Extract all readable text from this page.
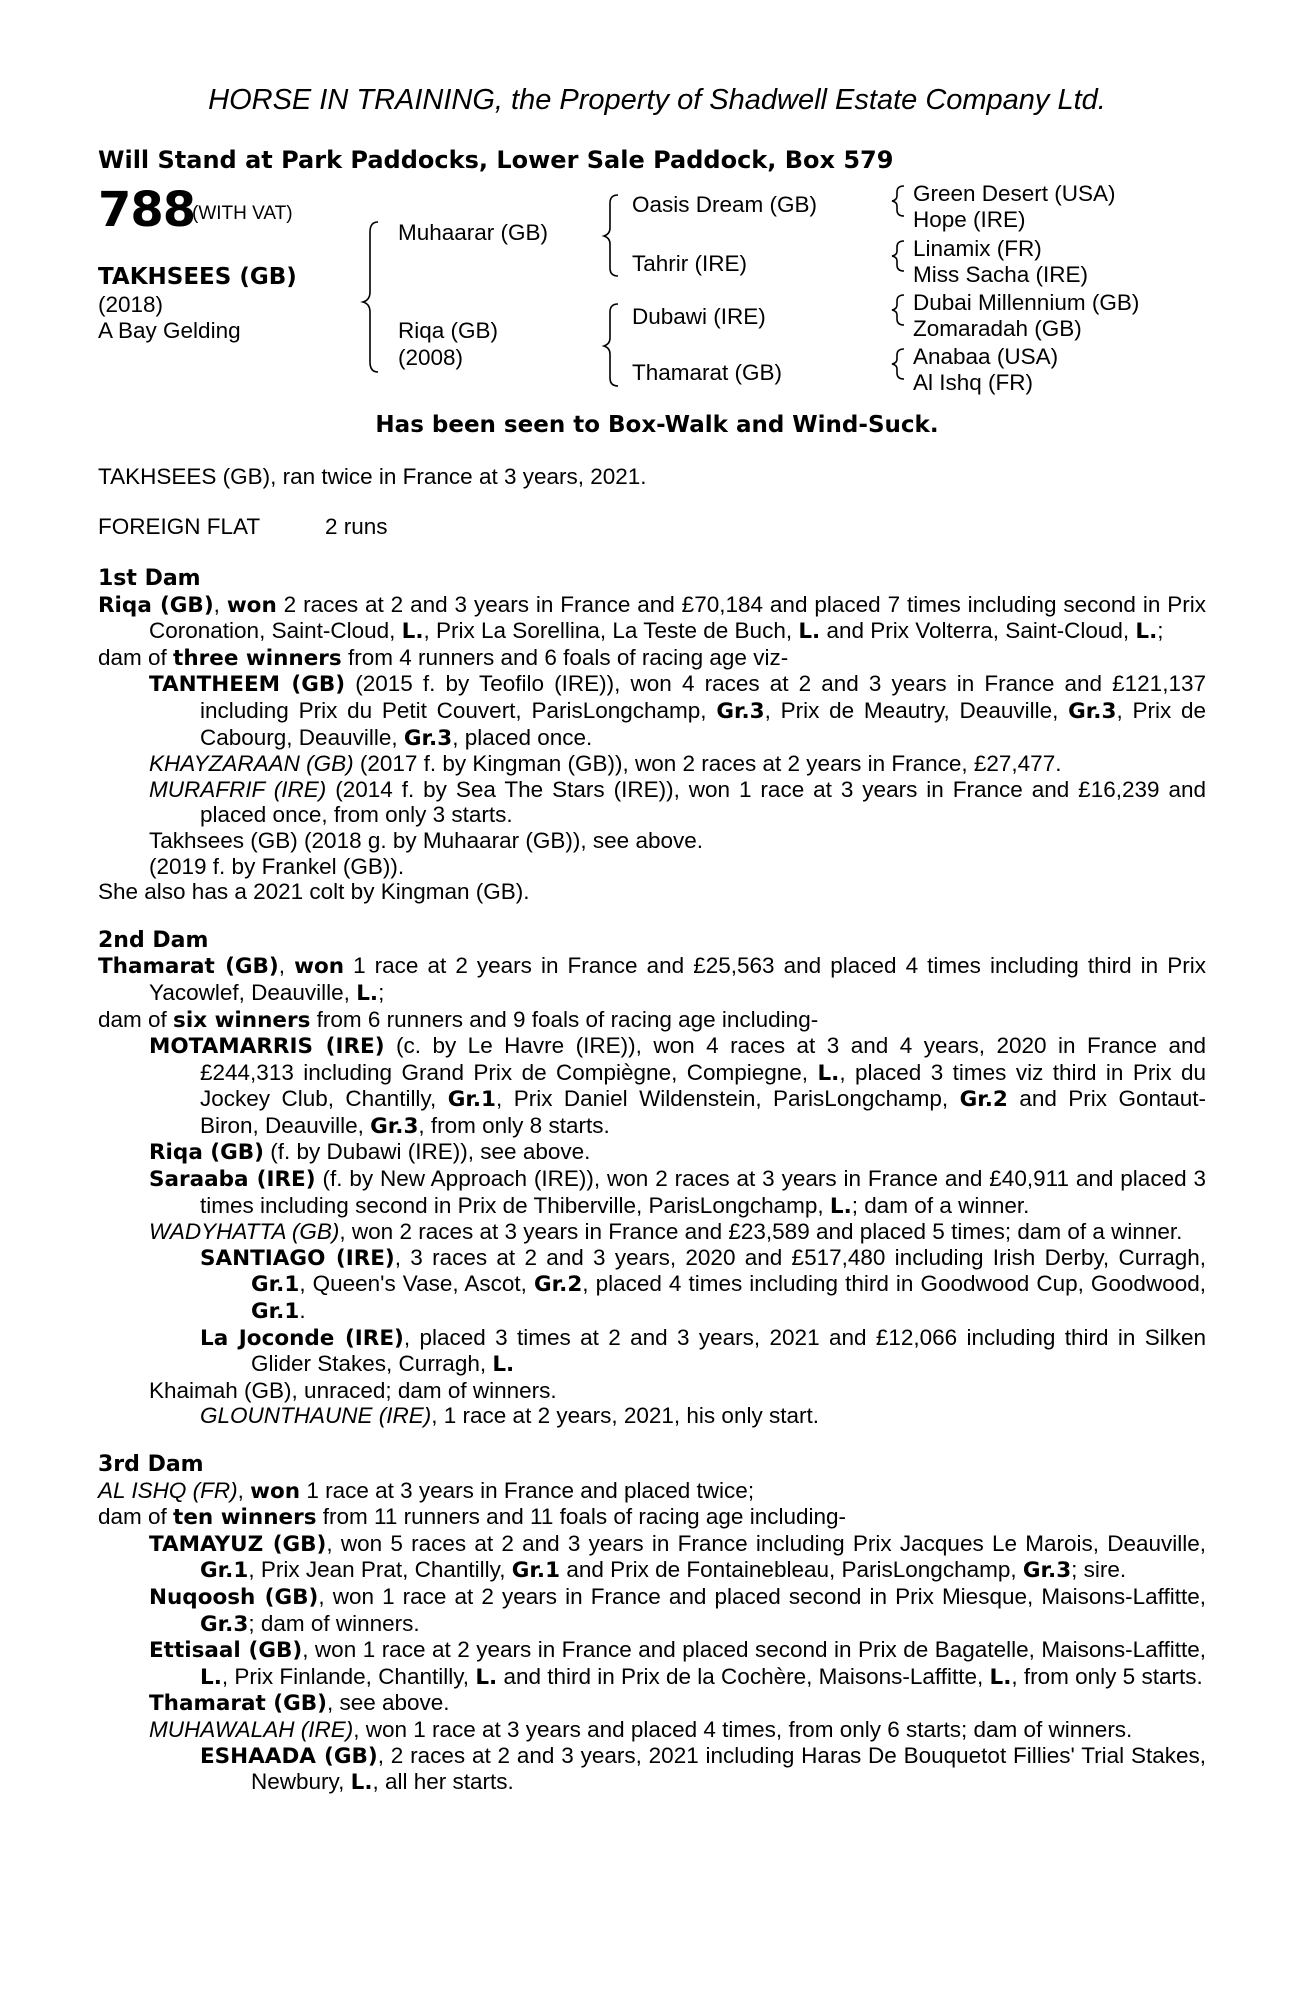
HORSE IN TRAINING, the Property of Shadwell Estate Company Ltd.
Will Stand at Park Paddocks, Lower Sale Paddock, Box 579
788
(WITH VAT)
TAKHSEES (GB)
(2018)
A Bay Gelding
Muhaarar (GB)
Riqa (GB)
(2008)
Oasis Dream (GB)
Tahrir (IRE)
Dubawi (IRE)
Thamarat (GB)
Green Desert (USA)
Hope (IRE)
Linamix (FR)
Miss Sacha (IRE)
Dubai Millennium (GB)
Zomaradah (GB)
Anabaa (USA)
Al Ishq (FR)
Has been seen to Box-Walk and Wind-Suck.
TAKHSEES (GB), ran twice in France at 3 years, 2021.
FOREIGN FLAT	2 runs
1st Dam
Riqa (GB), won 2 races at 2 and 3 years in France and £70,184 and placed 7 times including second in Prix Coronation, Saint-Cloud, L., Prix La Sorellina, La Teste de Buch, L. and Prix Volterra, Saint-Cloud, L.;
dam of three winners from 4 runners and 6 foals of racing age viz-
TANTHEEM (GB) (2015 f. by Teofilo (IRE)), won 4 races at 2 and 3 years in France and £121,137 including Prix du Petit Couvert, ParisLongchamp, Gr.3, Prix de Meautry, Deauville, Gr.3, Prix de Cabourg, Deauville, Gr.3, placed once.
KHAYZARAAN (GB) (2017 f. by Kingman (GB)), won 2 races at 2 years in France, £27,477.
MURAFRIF (IRE) (2014 f. by Sea The Stars (IRE)), won 1 race at 3 years in France and £16,239 and placed once, from only 3 starts.
Takhsees (GB) (2018 g. by Muhaarar (GB)), see above.
(2019 f. by Frankel (GB)).
She also has a 2021 colt by Kingman (GB).
2nd Dam
Thamarat (GB), won 1 race at 2 years in France and £25,563 and placed 4 times including third in Prix Yacowlef, Deauville, L.;
dam of six winners from 6 runners and 9 foals of racing age including-
MOTAMARRIS (IRE) (c. by Le Havre (IRE)), won 4 races at 3 and 4 years, 2020 in France and £244,313 including Grand Prix de Compiègne, Compiegne, L., placed 3 times viz third in Prix du Jockey Club, Chantilly, Gr.1, Prix Daniel Wildenstein, ParisLongchamp, Gr.2 and Prix Gontaut-Biron, Deauville, Gr.3, from only 8 starts.
Riqa (GB) (f. by Dubawi (IRE)), see above.
Saraaba (IRE) (f. by New Approach (IRE)), won 2 races at 3 years in France and £40,911 and placed 3 times including second in Prix de Thiberville, ParisLongchamp, L.; dam of a winner.
WADYHATTA (GB), won 2 races at 3 years in France and £23,589 and placed 5 times; dam of a winner.
SANTIAGO (IRE), 3 races at 2 and 3 years, 2020 and £517,480 including Irish Derby, Curragh, Gr.1, Queen's Vase, Ascot, Gr.2, placed 4 times including third in Goodwood Cup, Goodwood, Gr.1.
La Joconde (IRE), placed 3 times at 2 and 3 years, 2021 and £12,066 including third in Silken Glider Stakes, Curragh, L.
Khaimah (GB), unraced; dam of winners.
GLOUNTHAUNE (IRE), 1 race at 2 years, 2021, his only start.
3rd Dam
AL ISHQ (FR), won 1 race at 3 years in France and placed twice;
dam of ten winners from 11 runners and 11 foals of racing age including-
TAMAYUZ (GB), won 5 races at 2 and 3 years in France including Prix Jacques Le Marois, Deauville, Gr.1, Prix Jean Prat, Chantilly, Gr.1 and Prix de Fontainebleau, ParisLongchamp, Gr.3; sire.
Nuqoosh (GB), won 1 race at 2 years in France and placed second in Prix Miesque, Maisons-Laffitte, Gr.3; dam of winners.
Ettisaal (GB), won 1 race at 2 years in France and placed second in Prix de Bagatelle, Maisons-Laffitte, L., Prix Finlande, Chantilly, L. and third in Prix de la Cochère, Maisons-Laffitte, L., from only 5 starts.
Thamarat (GB), see above.
MUHAWALAH (IRE), won 1 race at 3 years and placed 4 times, from only 6 starts; dam of winners.
ESHAADA (GB), 2 races at 2 and 3 years, 2021 including Haras De Bouquetot Fillies' Trial Stakes, Newbury, L., all her starts.
